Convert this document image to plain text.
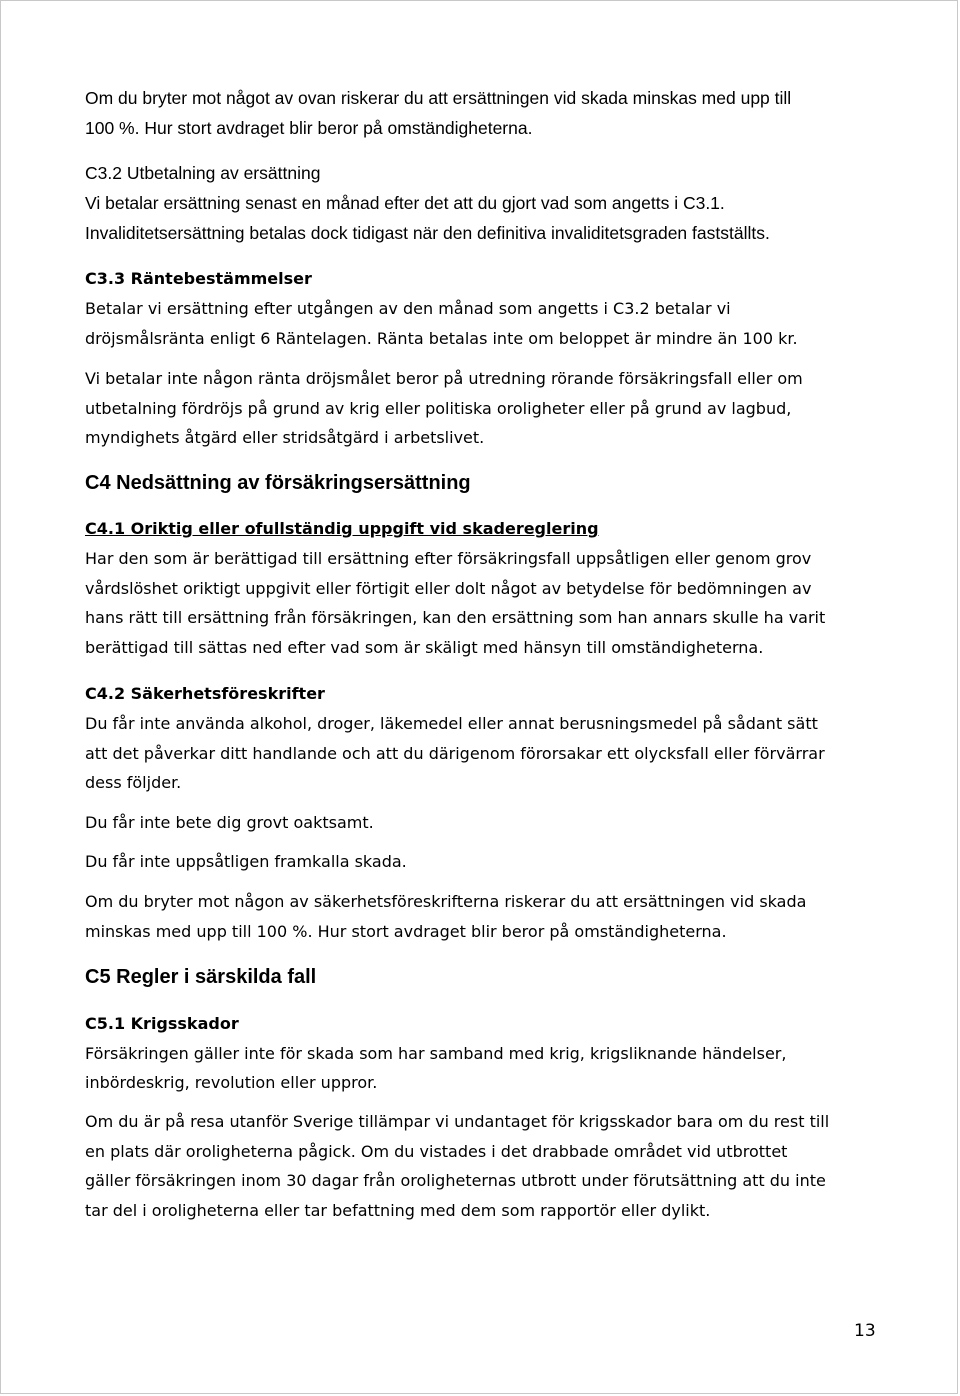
Om du bryter mot något av ovan riskerar du att ersättningen vid skada minskas med upp till
100 %. Hur stort avdraget blir beror på omständigheterna.
C3.2 Utbetalning av ersättning
Vi betalar ersättning senast en månad efter det att du gjort vad som angetts i C3.1.
Invaliditetsersättning betalas dock tidigast när den definitiva invaliditetsgraden fastställts.
C3.3 Räntebestämmelser
Betalar vi ersättning efter utgången av den månad som angetts i C3.2 betalar vi
dröjsmålsränta enligt 6 Räntelagen. Ränta betalas inte om beloppet är mindre än 100 kr.
Vi betalar inte någon ränta dröjsmålet beror på utredning rörande försäkringsfall eller om
utbetalning fördröjs på grund av krig eller politiska oroligheter eller på grund av lagbud,
myndighets åtgärd eller stridsåtgärd i arbetslivet.
C4 Nedsättning av försäkringsersättning
C4.1 Oriktig eller ofullständig uppgift vid skadereglering
Har den som är berättigad till ersättning efter försäkringsfall uppsåtligen eller genom grov
vårdslöshet oriktigt uppgivit eller förtigit eller dolt något av betydelse för bedömningen av
hans rätt till ersättning från försäkringen, kan den ersättning som han annars skulle ha varit
berättigad till sättas ned efter vad som är skäligt med hänsyn till omständigheterna.
C4.2 Säkerhetsföreskrifter
Du får inte använda alkohol, droger, läkemedel eller annat berusningsmedel på sådant sätt
att det påverkar ditt handlande och att du därigenom förorsakar ett olycksfall eller förvärrar
dess följder.
Du får inte bete dig grovt oaktsamt.
Du får inte uppsåtligen framkalla skada.
Om du bryter mot någon av säkerhetsföreskrifterna riskerar du att ersättningen vid skada
minskas med upp till 100 %. Hur stort avdraget blir beror på omständigheterna.
C5 Regler i särskilda fall
C5.1 Krigsskador
Försäkringen gäller inte för skada som har samband med krig, krigsliknande händelser,
inbördeskrig, revolution eller uppror.
Om du är på resa utanför Sverige tillämpar vi undantaget för krigsskador bara om du rest till
en plats där oroligheterna pågick. Om du vistades i det drabbade området vid utbrottet
gäller försäkringen inom 30 dagar från oroligheternas utbrott under förutsättning att du inte
tar del i oroligheterna eller tar befattning med dem som rapportör eller dylikt.
13
